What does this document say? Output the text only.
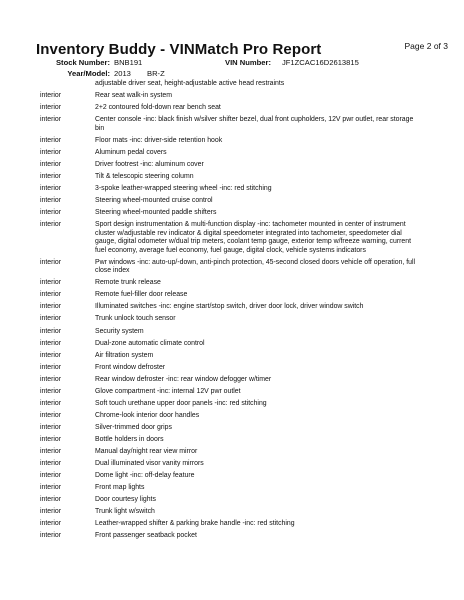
Inventory Buddy - VINMatch Pro Report	Page 2 of 3
Stock Number: BNB191	VIN Number: JF1ZCAC16D2613815
Year/Model: 2013 BR-Z
adjustable driver seat, height-adjustable active head restraints
interior	Rear seat walk-in system
interior	2+2 contoured fold-down rear bench seat
interior	Center console -inc: black finish w/silver shifter bezel, dual front cupholders, 12V pwr outlet, rear storage bin
interior	Floor mats -inc: driver-side retention hook
interior	Aluminum pedal covers
interior	Driver footrest -inc: aluminum cover
interior	Tilt & telescopic steering column
interior	3-spoke leather-wrapped steering wheel -inc: red stitching
interior	Steering wheel-mounted cruise control
interior	Steering wheel-mounted paddle shifters
interior	Sport design instrumentation & multi-function display -inc: tachometer mounted in center of instrument cluster w/adjustable rev indicator & digital speedometer integrated into tachometer, speedometer dial gauge, digital odometer w/dual trip meters, coolant temp gauge, exterior temp w/freeze warning, current fuel economy, average fuel economy, fuel gauge, digital clock, vehicle systems indicators
interior	Pwr windows -inc: auto-up/-down, anti-pinch protection, 45-second closed doors vehicle off operation, full close index
interior	Remote trunk release
interior	Remote fuel-filler door release
interior	Illuminated switches -inc: engine start/stop switch, driver door lock, driver window switch
interior	Trunk unlock touch sensor
interior	Security system
interior	Dual-zone automatic climate control
interior	Air filtration system
interior	Front window defroster
interior	Rear window defroster -inc: rear window defogger w/timer
interior	Glove compartment -inc: internal 12V pwr outlet
interior	Soft touch urethane upper door panels -inc: red stitching
interior	Chrome-look interior door handles
interior	Silver-trimmed door grips
interior	Bottle holders in doors
interior	Manual day/night rear view mirror
interior	Dual illuminated visor vanity mirrors
interior	Dome light -inc: off-delay feature
interior	Front map lights
interior	Door courtesy lights
interior	Trunk light w/switch
interior	Leather-wrapped shifter & parking brake handle -inc: red stitching
interior	Front passenger seatback pocket
